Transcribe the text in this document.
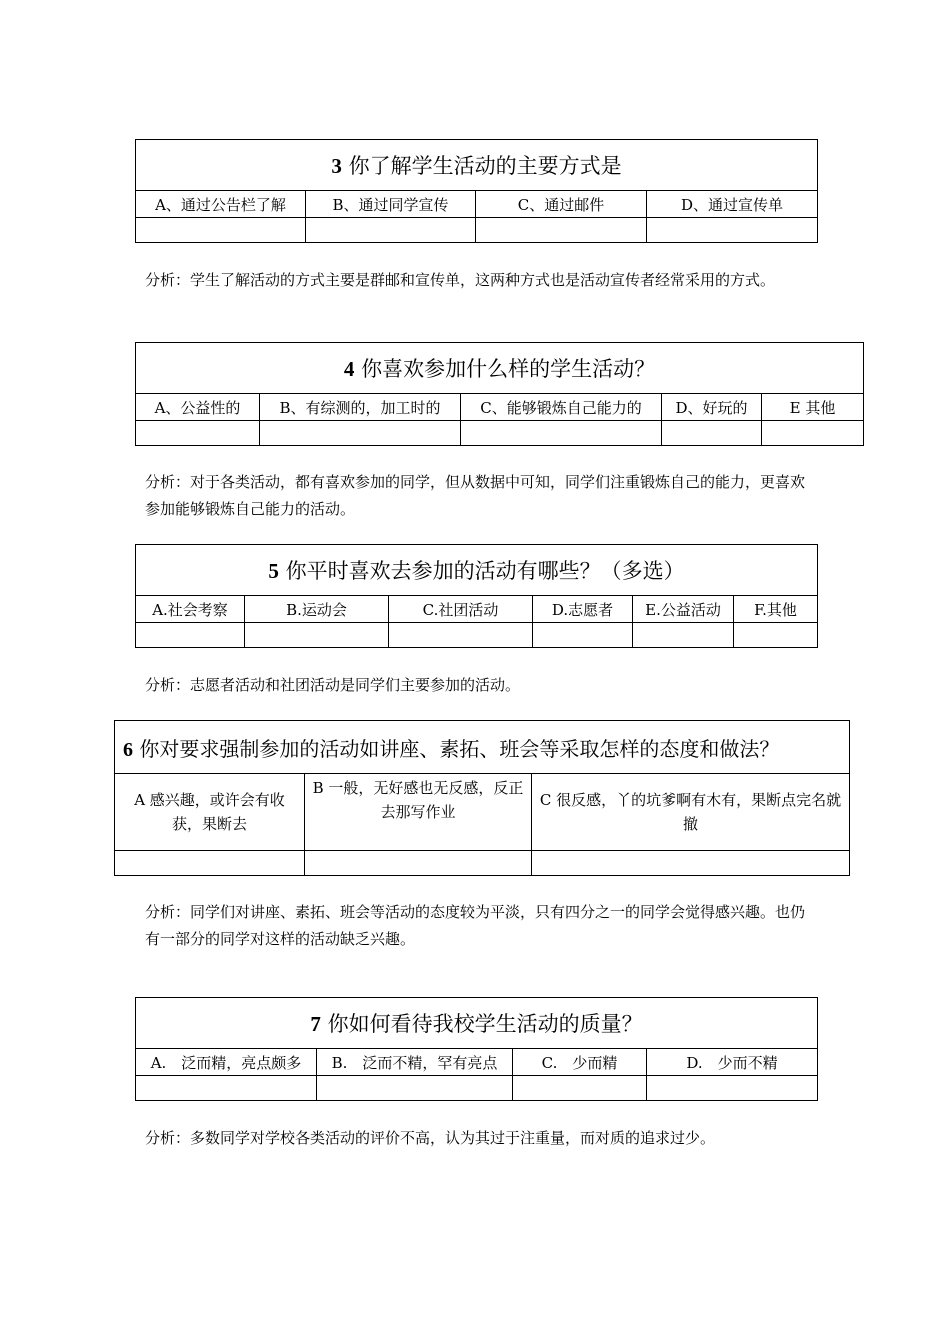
3 你了解学生活动的主要方式是			
A、通过公告栏了解	B、通过同学宣传	C、通过邮件	D、通过宣传单

分析：学生了解活动的方式主要是群邮和宣传单，这两种方式也是活动宣传者经常采用的方式。

4 你喜欢参加什么样的学生活动？				
A、公益性的	B、有综测的，加工时的	C、能够锻炼自己能力的	D、好玩的	E 其他

分析：对于各类活动，都有喜欢参加的同学，但从数据中可知，同学们注重锻炼自己的能力，更喜欢参加能够锻炼自己能力的活动。

5 你平时喜欢去参加的活动有哪些？（多选）					
A.社会考察	B.运动会	C.社团活动	D.志愿者	E.公益活动	F.其他

分析：志愿者活动和社团活动是同学们主要参加的活动。

6 你对要求强制参加的活动如讲座、素拓、班会等采取怎样的态度和做法？		
A 感兴趣，或许会有收获，果断去	B 一般，无好感也无反感，反正去那写作业	C 很反感，丫的坑爹啊有木有，果断点完名就撤

分析：同学们对讲座、素拓、班会等活动的态度较为平淡，只有四分之一的同学会觉得感兴趣。也仍有一部分的同学对这样的活动缺乏兴趣。

7 你如何看待我校学生活动的质量？			
A.　泛而精，亮点颇多	B.　泛而不精，罕有亮点	C.　少而精	D.　少而不精

分析：多数同学对学校各类活动的评价不高，认为其过于注重量，而对质的追求过少。
